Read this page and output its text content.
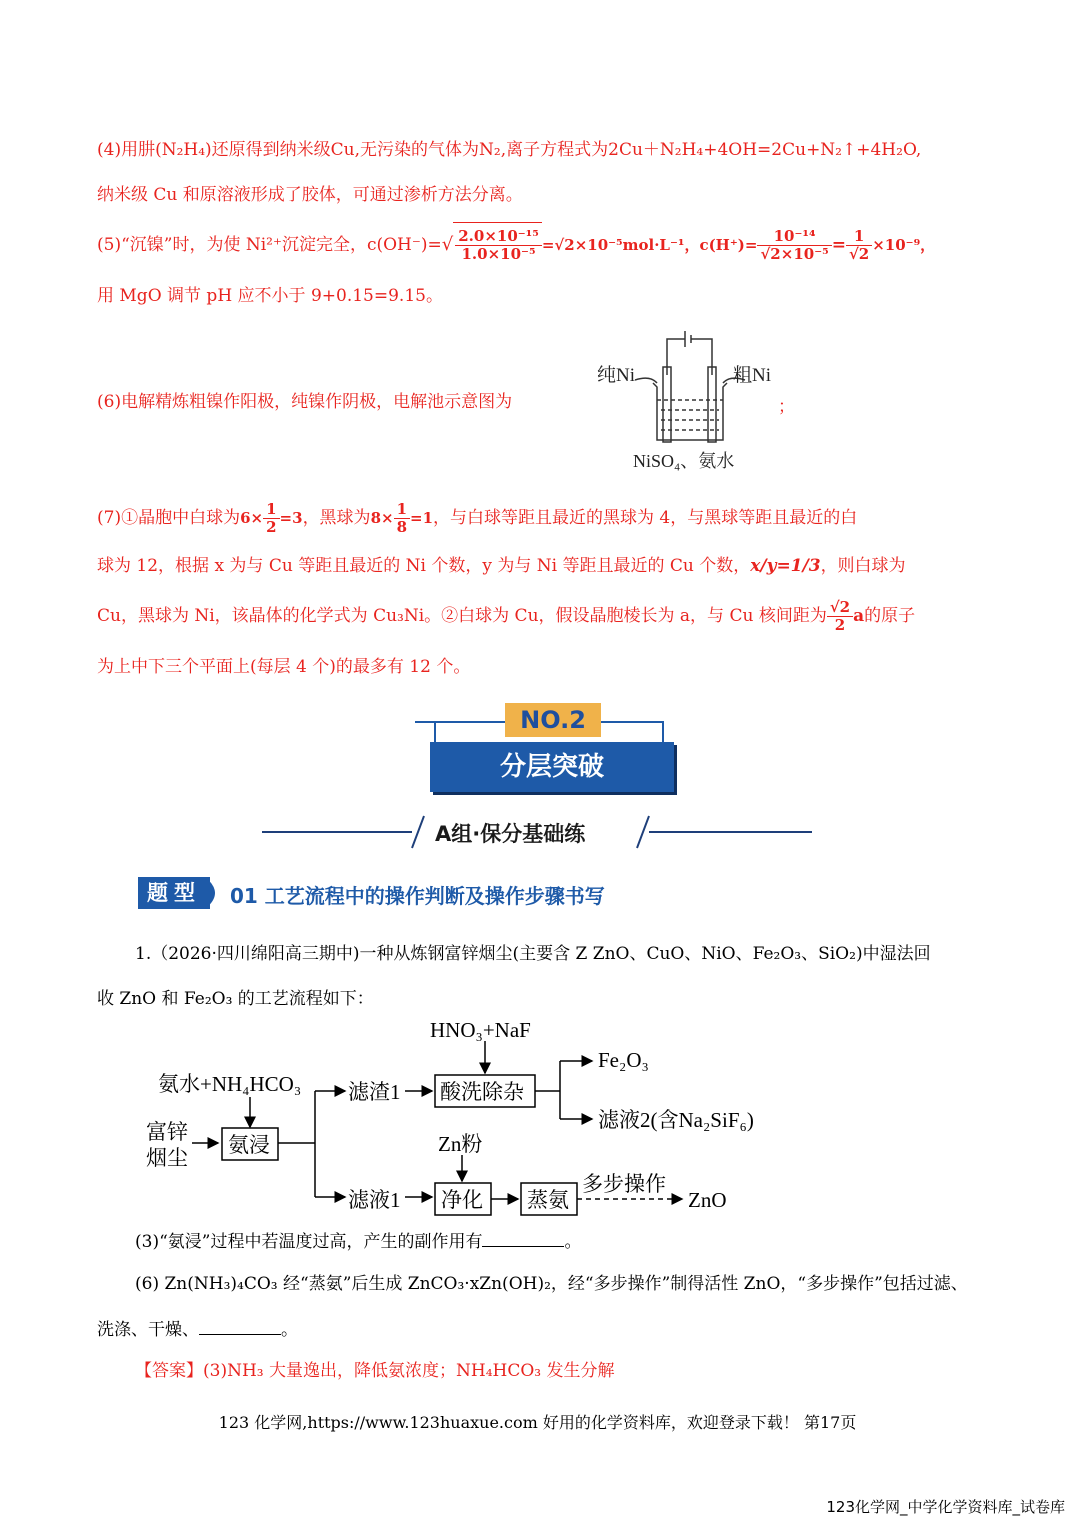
(4)用肼(N₂H₄)还原得到纳米级Cu,无污染的气体为N₂,离子方程式为2Cu＋N₂H₄+4OH=2Cu+N₂↑+4H₂O,
纳米级 Cu 和原溶液形成了胶体，可通过渗析方法分离。
(5)“沉镍”时，为使 Ni²⁺沉淀完全，$c(OH^-)=√ \frac{\text{2.0×10⁻¹⁵}}{\text{1.0×10⁻⁵}} =√2\times 10^{-5}mol\cdot L^{-1}$，$c(H^+)= \frac{\text{10⁻¹⁴}}{\text{√2×10⁻⁵}} = \frac{1}{√2} \times 10^{-9}$，
用 MgO 调节 pH 应不小于 9+0.15=9.15。
(6)电解精炼粗镍作阳极，纯镍作阴极，电解池示意图为	；
纯Ni	粗Ni
NiSO₄、氨水
(7)①晶胞中白球为$6\times \frac{1}{2} =3$，黑球为$8\times \frac{1}{8} =1$，与白球等距且最近的黑球为 4，与黑球等距且最近的白
球为 12，根据 x 为与 Cu 等距且最近的 Ni 个数，y 为与 Ni 等距且最近的 Cu 个数，x/y=1/3，则白球为
Cu，黑球为 Ni，该晶体的化学式为 Cu₃Ni。②白球为 Cu，假设晶胞棱长为 a，与 Cu 核间距为 $\frac{√2}{2}$ a的原子
为上中下三个平面上(每层 4 个)的最多有 12 个。
NO.2
分层突破
A组·保分基础练
题型	01 工艺流程中的操作判断及操作步骤书写
1.（2026·四川绵阳高三期中)一种从炼钢富锌烟尘(主要含 Z ZnO、CuO、NiO、Fe₂O₃、SiO₂)中湿法回
收 ZnO 和 Fe₂O₃ 的工艺流程如下：
HNO₃+NaF
氨水+NH₄HCO₃
富锌
烟尘
氨浸
滤渣1 酸洗除杂
Fe₂O₃
滤液2(含Na₂SiF₆)
Zn粉
滤液1 净化 蒸氨
多步操作
ZnO
(3)“氨浸”过程中若温度过高，产生的副作用有	。
(6) Zn(NH₃)₄CO₃ 经“蒸氨”后生成 ZnCO₃·xZn(OH)₂，经“多步操作”制得活性 ZnO，“多步操作”包括过滤、
洗涤、干燥、	。
【答案】(3)NH₃ 大量逸出，降低氨浓度；NH₄HCO₃ 发生分解
123 化学网,https://www.123huaxue.com 好用的化学资料库，欢迎登录下载！ 第17页
123化学网_中学化学资料库_试卷库
